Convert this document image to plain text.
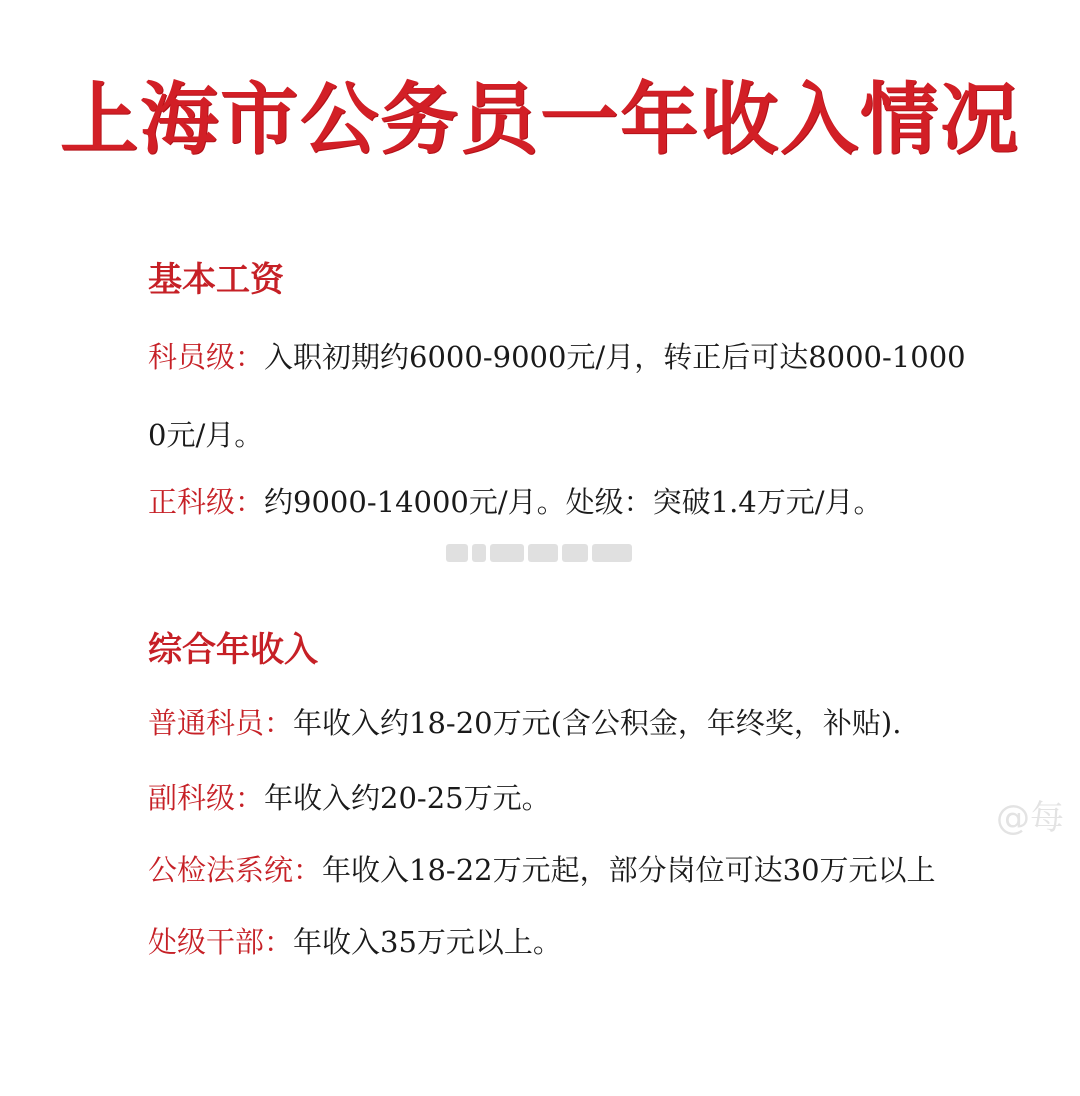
上海市公务员一年收入情况
基本工资
科员级：入职初期约6000-9000元/月，转正后可达8000-10000元/月。
正科级：约9000-14000元/月。处级：突破1.4万元/月。
综合年收入
普通科员：年收入约18-20万元(含公积金，年终奖，补贴).
副科级：年收入约20-25万元。
公检法系统：年收入18-22万元起，部分岗位可达30万元以上
处级干部：年收入35万元以上。
@每
